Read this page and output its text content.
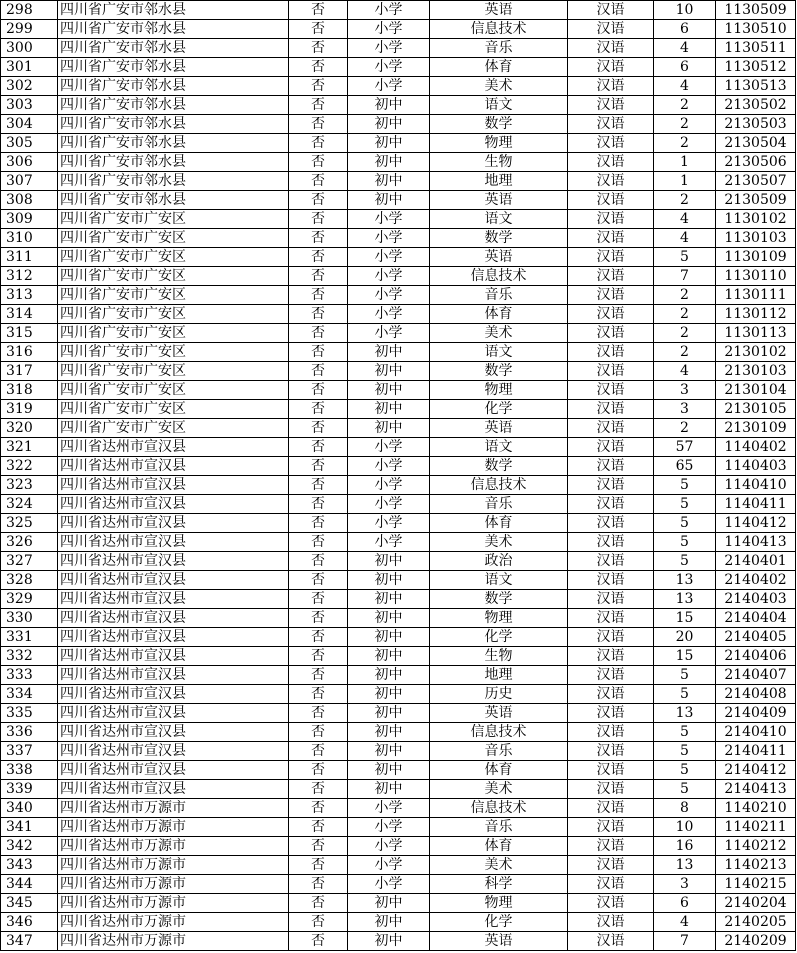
298	四川省广安市邻水县	否	小学	英语	汉语	10	1130509
299	四川省广安市邻水县	否	小学	信息技术	汉语	6	1130510
300	四川省广安市邻水县	否	小学	音乐	汉语	4	1130511
301	四川省广安市邻水县	否	小学	体育	汉语	6	1130512
302	四川省广安市邻水县	否	小学	美术	汉语	4	1130513
303	四川省广安市邻水县	否	初中	语文	汉语	2	2130502
304	四川省广安市邻水县	否	初中	数学	汉语	2	2130503
305	四川省广安市邻水县	否	初中	物理	汉语	2	2130504
306	四川省广安市邻水县	否	初中	生物	汉语	1	2130506
307	四川省广安市邻水县	否	初中	地理	汉语	1	2130507
308	四川省广安市邻水县	否	初中	英语	汉语	2	2130509
309	四川省广安市广安区	否	小学	语文	汉语	4	1130102
310	四川省广安市广安区	否	小学	数学	汉语	4	1130103
311	四川省广安市广安区	否	小学	英语	汉语	5	1130109
312	四川省广安市广安区	否	小学	信息技术	汉语	7	1130110
313	四川省广安市广安区	否	小学	音乐	汉语	2	1130111
314	四川省广安市广安区	否	小学	体育	汉语	2	1130112
315	四川省广安市广安区	否	小学	美术	汉语	2	1130113
316	四川省广安市广安区	否	初中	语文	汉语	2	2130102
317	四川省广安市广安区	否	初中	数学	汉语	4	2130103
318	四川省广安市广安区	否	初中	物理	汉语	3	2130104
319	四川省广安市广安区	否	初中	化学	汉语	3	2130105
320	四川省广安市广安区	否	初中	英语	汉语	2	2130109
321	四川省达州市宣汉县	否	小学	语文	汉语	57	1140402
322	四川省达州市宣汉县	否	小学	数学	汉语	65	1140403
323	四川省达州市宣汉县	否	小学	信息技术	汉语	5	1140410
324	四川省达州市宣汉县	否	小学	音乐	汉语	5	1140411
325	四川省达州市宣汉县	否	小学	体育	汉语	5	1140412
326	四川省达州市宣汉县	否	小学	美术	汉语	5	1140413
327	四川省达州市宣汉县	否	初中	政治	汉语	5	2140401
328	四川省达州市宣汉县	否	初中	语文	汉语	13	2140402
329	四川省达州市宣汉县	否	初中	数学	汉语	13	2140403
330	四川省达州市宣汉县	否	初中	物理	汉语	15	2140404
331	四川省达州市宣汉县	否	初中	化学	汉语	20	2140405
332	四川省达州市宣汉县	否	初中	生物	汉语	15	2140406
333	四川省达州市宣汉县	否	初中	地理	汉语	5	2140407
334	四川省达州市宣汉县	否	初中	历史	汉语	5	2140408
335	四川省达州市宣汉县	否	初中	英语	汉语	13	2140409
336	四川省达州市宣汉县	否	初中	信息技术	汉语	5	2140410
337	四川省达州市宣汉县	否	初中	音乐	汉语	5	2140411
338	四川省达州市宣汉县	否	初中	体育	汉语	5	2140412
339	四川省达州市宣汉县	否	初中	美术	汉语	5	2140413
340	四川省达州市万源市	否	小学	信息技术	汉语	8	1140210
341	四川省达州市万源市	否	小学	音乐	汉语	10	1140211
342	四川省达州市万源市	否	小学	体育	汉语	16	1140212
343	四川省达州市万源市	否	小学	美术	汉语	13	1140213
344	四川省达州市万源市	否	小学	科学	汉语	3	1140215
345	四川省达州市万源市	否	初中	物理	汉语	6	2140204
346	四川省达州市万源市	否	初中	化学	汉语	4	2140205
347	四川省达州市万源市	否	初中	英语	汉语	7	2140209
